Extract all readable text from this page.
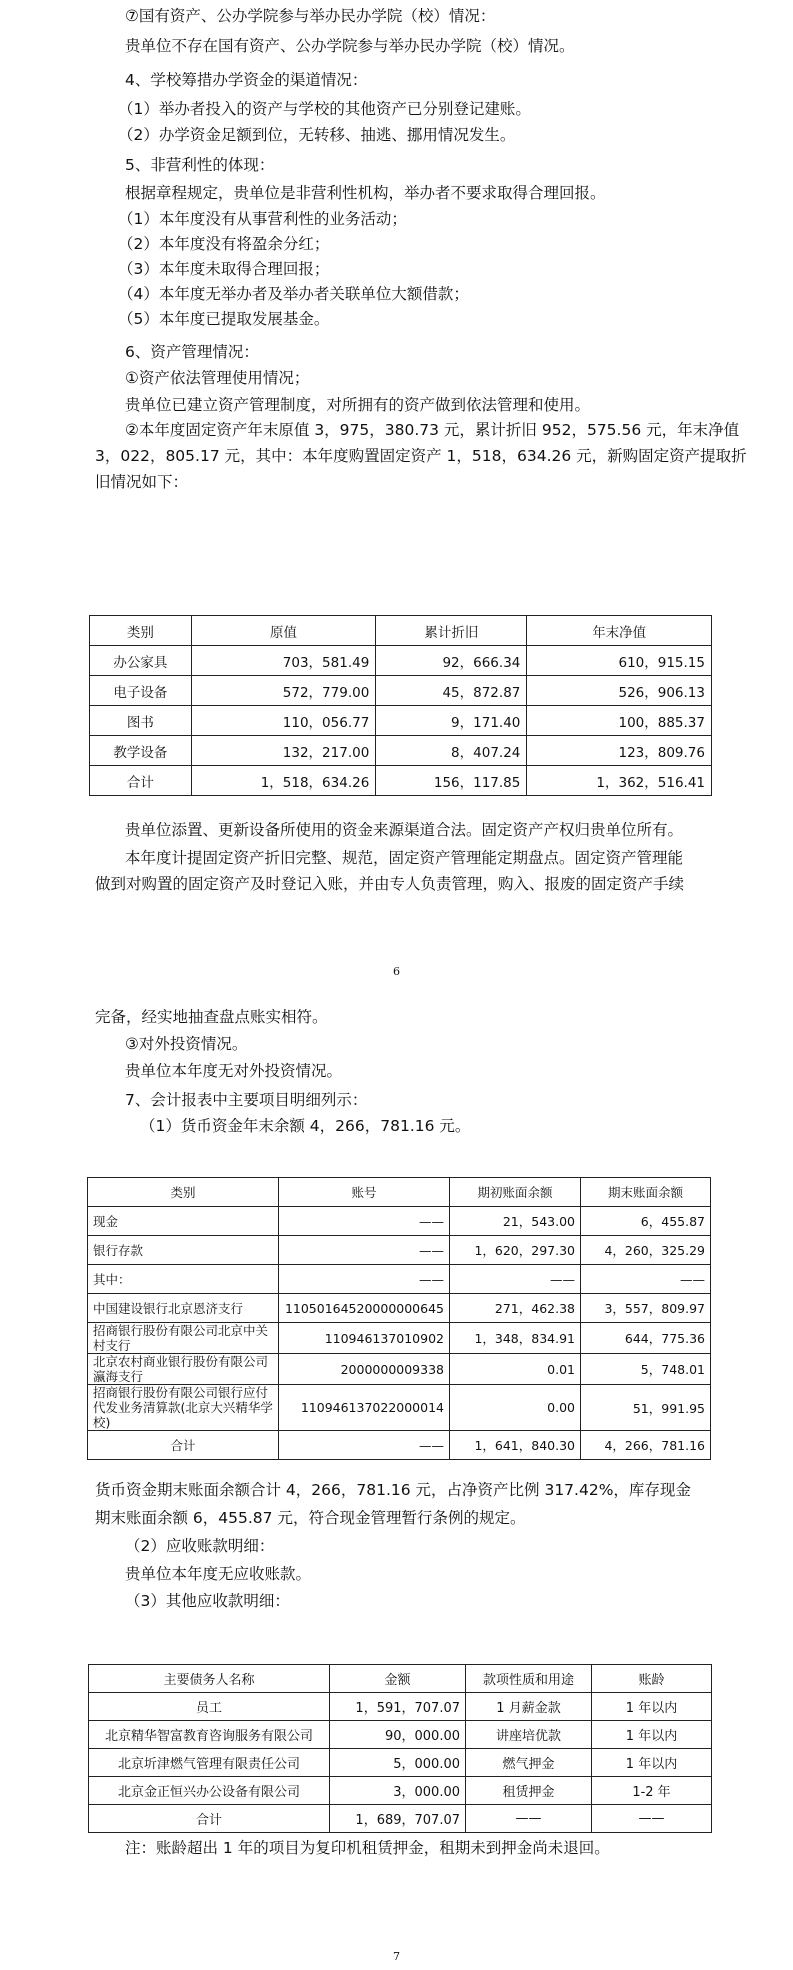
⑦国有资产、公办学院参与举办民办学院（校）情况：
贵单位不存在国有资产、公办学院参与举办民办学院（校）情况。
4、学校筹措办学资金的渠道情况：
（1）举办者投入的资产与学校的其他资产已分别登记建账。
（2）办学资金足额到位，无转移、抽逃、挪用情况发生。
5、非营利性的体现：
根据章程规定，贵单位是非营利性机构，举办者不要求取得合理回报。
（1）本年度没有从事营利性的业务活动；
（2）本年度没有将盈余分红；
（3）本年度未取得合理回报；
（4）本年度无举办者及举办者关联单位大额借款；
（5）本年度已提取发展基金。
6、资产管理情况：
①资产依法管理使用情况；
贵单位已建立资产管理制度，对所拥有的资产做到依法管理和使用。
②本年度固定资产年末原值 3，975，380.73 元，累计折旧 952，575.56 元，年末净值
3，022，805.17 元，其中：本年度购置固定资产 1，518，634.26 元，新购固定资产提取折
旧情况如下：
类别	原值	累计折旧	年末净值
办公家具	703，581.49	92，666.34	610，915.15
电子设备	572，779.00	45，872.87	526，906.13
图书	110，056.77	9，171.40	100，885.37
教学设备	132，217.00	8，407.24	123，809.76
合计	1，518，634.26	156，117.85	1，362，516.41
贵单位添置、更新设备所使用的资金来源渠道合法。固定资产产权归贵单位所有。
本年度计提固定资产折旧完整、规范，固定资产管理能定期盘点。固定资产管理能
做到对购置的固定资产及时登记入账，并由专人负责管理，购入、报废的固定资产手续
6
完备，经实地抽查盘点账实相符。
③对外投资情况。
贵单位本年度无对外投资情况。
7、会计报表中主要项目明细列示：
（1）货币资金年末余额 4，266，781.16 元。
货币资金期末账面余额合计 4，266，781.16 元，占净资产比例 317.42%，库存现金
期末账面余额 6，455.87 元，符合现金管理暂行条例的规定。
（2）应收账款明细：
贵单位本年度无应收账款。
（3）其他应收款明细：
注：账龄超出 1 年的项目为复印机租赁押金，租期未到押金尚未退回。
7
类别	账号	期初账面余额	期末账面余额
现金	——	21，543.00	6，455.87
银行存款	——	1，620，297.30	4，260，325.29
其中：	——	——	——
中国建设银行北京恩济支行	11050164520000000645	271，462.38	3，557，809.97
招商银行股份有限公司北京中关村支行	110946137010902	1，348，834.91	644，775.36
北京农村商业银行股份有限公司瀛海支行	2000000009338	0.01	5，748.01
招商银行股份有限公司银行应付代发业务清算款(北京大兴精华学校)	110946137022000014	0.00	51，991.95
合计	——	1，641，840.30	4，266，781.16
主要债务人名称	金额	款项性质和用途	账龄
员工	1，591，707.07	1 月薪金款	1 年以内
北京精华智富教育咨询服务有限公司	90，000.00	讲座培优款	1 年以内
北京圻津燃气管理有限责任公司	5，000.00	燃气押金	1 年以内
北京金正恒兴办公设备有限公司	3，000.00	租赁押金	1-2 年
合计	1，689，707.07	——	——
